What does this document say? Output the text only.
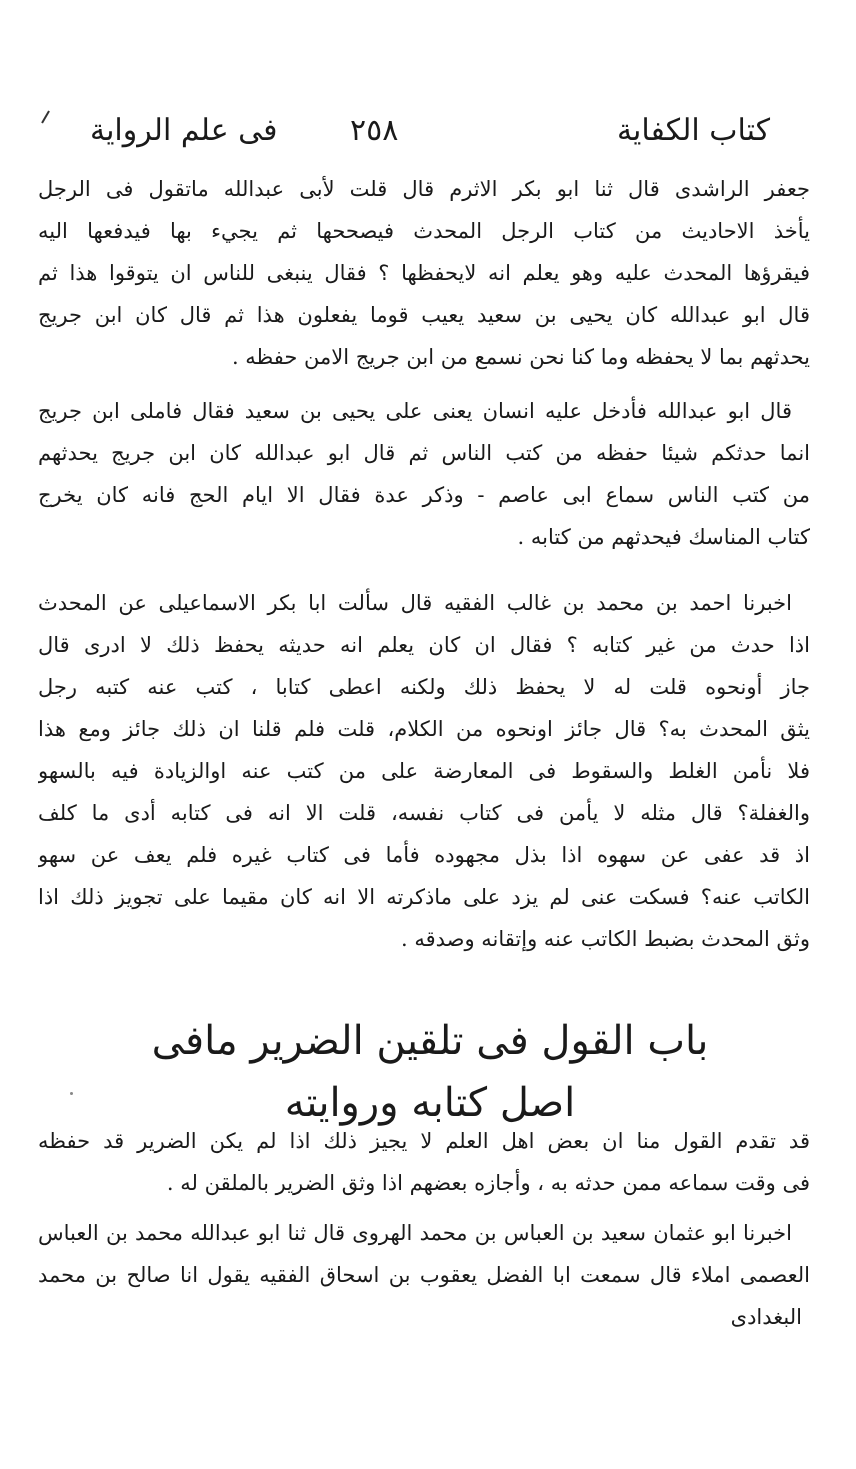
كتاب الكفاية
٢٥٨
فى علم الرواية
جعفر الراشدى قال ثنا ابو بكر الاثرم قال قلت لأبى عبدالله ماتقول فى الرجل
يأخذ الاحاديث من كتاب الرجل المحدث فيصححها ثم يجيء بها فيدفعها اليه
فيقرؤها المحدث عليه وهو يعلم انه لايحفظها ؟ فقال ينبغى للناس ان يتوقوا هذا ثم
قال ابو عبدالله كان يحيى بن سعيد يعيب قوما يفعلون هذا ثم قال كان ابن جريج
يحدثهم بما لا يحفظه وما كنا نحن نسمع من ابن جريج الامن حفظه .
قال ابو عبدالله فأدخل عليه انسان يعنى على يحيى بن سعيد فقال فاملى ابن جريج
انما حدثكم شيئا حفظه من كتب الناس ثم قال ابو عبدالله كان ابن جريج يحدثهم
من كتب الناس سماع ابى عاصم - وذكر عدة فقال الا ايام الحج فانه كان يخرج
كتاب المناسك فيحدثهم من كتابه .
اخبرنا احمد بن محمد بن غالب الفقيه قال سألت ابا بكر الاسماعيلى عن المحدث
اذا حدث من غير كتابه ؟ فقال ان كان يعلم انه حديثه يحفظ ذلك لا ادرى قال
جاز أونحوه قلت له لا يحفظ ذلك ولكنه اعطى كتابا ، كتب عنه كتبه رجل
يثق المحدث به؟ قال جائز اونحوه من الكلام، قلت فلم قلنا ان ذلك جائز ومع هذا
فلا نأمن الغلط والسقوط فى المعارضة على من كتب عنه اوالزيادة فيه بالسهو
والغفلة؟ قال مثله لا يأمن فى كتاب نفسه، قلت الا انه فى كتابه أدى ما كلف
اذ قد عفى عن سهوه اذا بذل مجهوده فأما فى كتاب غيره فلم يعف عن سهو
الكاتب عنه؟ فسكت عنى لم يزد على ماذكرته الا انه كان مقيما على تجويز ذلك اذا
وثق المحدث بضبط الكاتب عنه وإتقانه وصدقه .
باب القول فى تلقين الضرير مافى
اصل كتابه وروايته
قد تقدم القول منا ان بعض اهل العلم لا يجيز ذلك اذا لم يكن الضرير قد حفظه
فى وقت سماعه ممن حدثه به ، وأجازه بعضهم اذا وثق الضرير بالملقن له .
اخبرنا ابو عثمان سعيد بن العباس بن محمد الهروى قال ثنا ابو عبدالله محمد بن العباس
العصمى املاء قال سمعت ابا الفضل يعقوب بن اسحاق الفقيه يقول انا صالح بن محمد
البغدادى
